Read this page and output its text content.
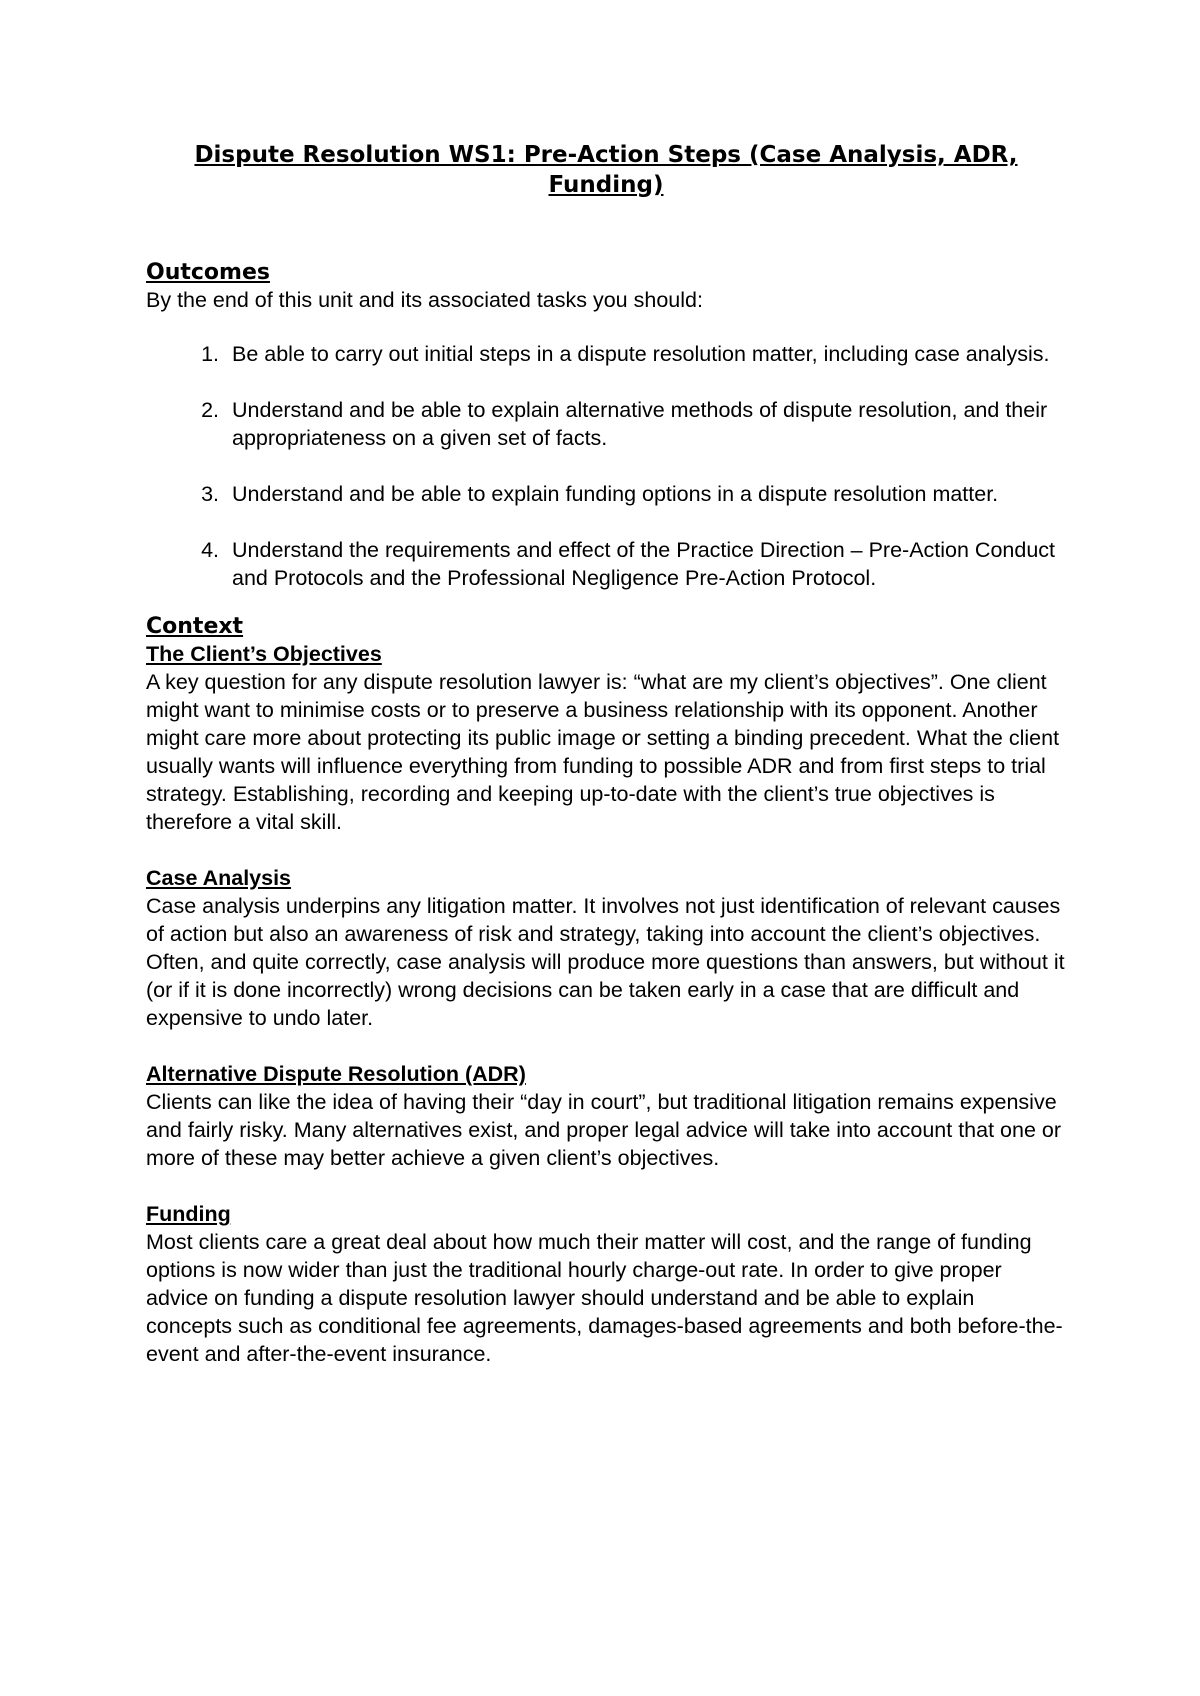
Dispute Resolution WS1: Pre-Action Steps (Case Analysis, ADR,
Funding)
Outcomes

By the end of this unit and its associated tasks you should:

1. Be able to carry out initial steps in a dispute resolution matter, including case analysis.
2. Understand and be able to explain alternative methods of dispute resolution, and their appropriateness on a given set of facts.
3. Understand and be able to explain funding options in a dispute resolution matter.
4. Understand the requirements and effect of the Practice Direction – Pre-Action Conduct and Protocols and the Professional Negligence Pre-Action Protocol.
Context
The Client’s Objectives

A key question for any dispute resolution lawyer is: “what are my client’s objectives”. One client might want to minimise costs or to preserve a business relationship with its opponent. Another might care more about protecting its public image or setting a binding precedent. What the client usually wants will influence everything from funding to possible ADR and from first steps to trial strategy. Establishing, recording and keeping up-to-date with the client’s true objectives is therefore a vital skill.

Case Analysis

Case analysis underpins any litigation matter. It involves not just identification of relevant causes of action but also an awareness of risk and strategy, taking into account the client’s objectives. Often, and quite correctly, case analysis will produce more questions than answers, but without it (or if it is done incorrectly) wrong decisions can be taken early in a case that are difficult and expensive to undo later.

Alternative Dispute Resolution (ADR)

Clients can like the idea of having their “day in court”, but traditional litigation remains expensive and fairly risky. Many alternatives exist, and proper legal advice will take into account that one or more of these may better achieve a given client’s objectives.

Funding

Most clients care a great deal about how much their matter will cost, and the range of funding options is now wider than just the traditional hourly charge-out rate. In order to give proper advice on funding a dispute resolution lawyer should understand and be able to explain concepts such as conditional fee agreements, damages-based agreements and both before-the-event and after-the-event insurance.
